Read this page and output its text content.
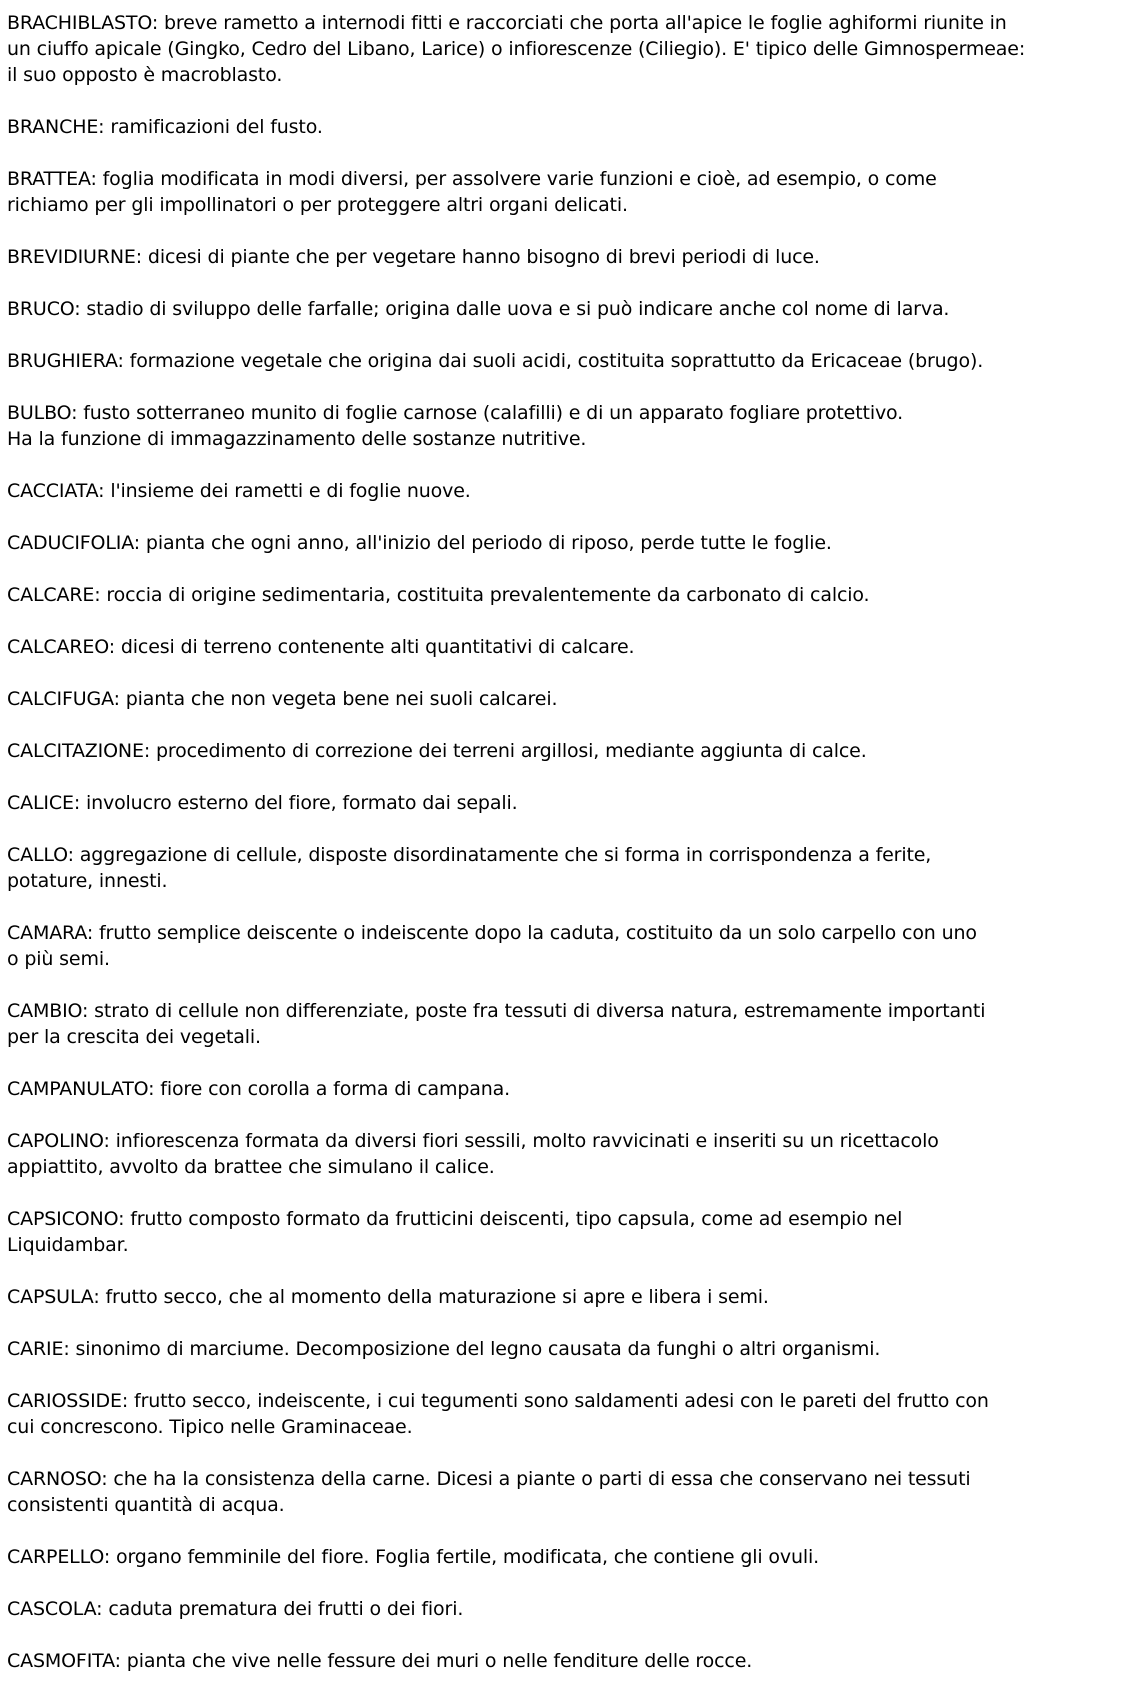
BRACHIBLASTO: breve rametto a internodi fitti e raccorciati che porta all'apice le foglie aghiformi riunite in
un ciuffo apicale (Gingko, Cedro del Libano, Larice) o infiorescenze (Ciliegio). E' tipico delle Gimnospermeae:
il suo opposto è macroblasto.

BRANCHE: ramificazioni del fusto.

BRATTEA: foglia modificata in modi diversi, per assolvere varie funzioni e cioè, ad esempio, o come
richiamo per gli impollinatori o per proteggere altri organi delicati.

BREVIDIURNE: dicesi di piante che per vegetare hanno bisogno di brevi periodi di luce.

BRUCO: stadio di sviluppo delle farfalle; origina dalle uova e si può indicare anche col nome di larva.

BRUGHIERA: formazione vegetale che origina dai suoli acidi, costituita soprattutto da Ericaceae (brugo).

BULBO: fusto sotterraneo munito di foglie carnose (calafilli) e di un apparato fogliare protettivo.
Ha la funzione di immagazzinamento delle sostanze nutritive.

CACCIATA: l'insieme dei rametti e di foglie nuove.

CADUCIFOLIA: pianta che ogni anno, all'inizio del periodo di riposo, perde tutte le foglie.

CALCARE: roccia di origine sedimentaria, costituita prevalentemente da carbonato di calcio.

CALCAREO: dicesi di terreno contenente alti quantitativi di calcare.

CALCIFUGA: pianta che non vegeta bene nei suoli calcarei.

CALCITAZIONE: procedimento di correzione dei terreni argillosi, mediante aggiunta di calce.

CALICE: involucro esterno del fiore, formato dai sepali.

CALLO: aggregazione di cellule, disposte disordinatamente che si forma in corrispondenza a ferite,
potature, innesti.

CAMARA: frutto semplice deiscente o indeiscente dopo la caduta, costituito da un solo carpello con uno
o più semi.

CAMBIO: strato di cellule non differenziate, poste fra tessuti di diversa natura, estremamente importanti
per la crescita dei vegetali.

CAMPANULATO: fiore con corolla a forma di campana.

CAPOLINO: infiorescenza formata da diversi fiori sessili, molto ravvicinati e inseriti su un ricettacolo
appiattito, avvolto da brattee che simulano il calice.

CAPSICONO: frutto composto formato da frutticini deiscenti, tipo capsula, come ad esempio nel
Liquidambar.

CAPSULA: frutto secco, che al momento della maturazione si apre e libera i semi.

CARIE: sinonimo di marciume. Decomposizione del legno causata da funghi o altri organismi.

CARIOSSIDE: frutto secco, indeiscente, i cui tegumenti sono saldamenti adesi con le pareti del frutto con
cui concrescono. Tipico nelle Graminaceae.

CARNOSO: che ha la consistenza della carne. Dicesi a piante o parti di essa che conservano nei tessuti
consistenti quantità di acqua.

CARPELLO: organo femminile del fiore. Foglia fertile, modificata, che contiene gli ovuli.

CASCOLA: caduta prematura dei frutti o dei fiori.

CASMOFITA: pianta che vive nelle fessure dei muri o nelle fenditure delle rocce.
